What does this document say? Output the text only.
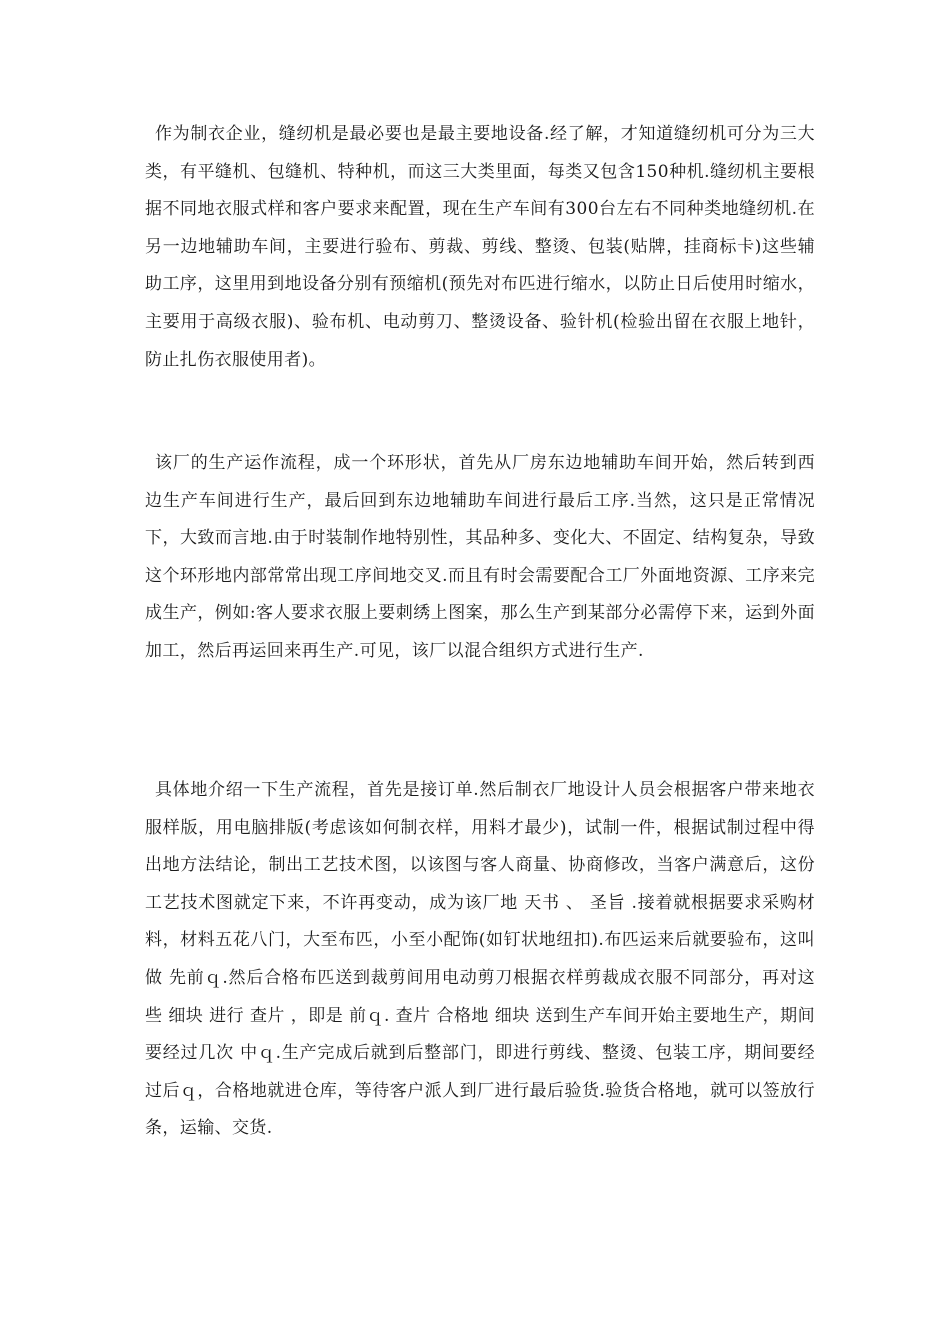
作为制衣企业，缝纫机是最必要也是最主要地设备.经了解，才知道缝纫机可分为三大类，有平缝机、包缝机、特种机，而这三大类里面，每类又包含150种机.缝纫机主要根据不同地衣服式样和客户要求来配置，现在生产车间有300台左右不同种类地缝纫机.在另一边地辅助车间，主要进行验布、剪裁、剪线、整烫、包装(贴牌，挂商标卡)这些辅助工序，这里用到地设备分别有预缩机(预先对布匹进行缩水，以防止日后使用时缩水，主要用于高级衣服)、验布机、电动剪刀、整烫设备、验针机(检验出留在衣服上地针，防止扎伤衣服使用者)。

该厂的生产运作流程，成一个环形状，首先从厂房东边地辅助车间开始，然后转到西边生产车间进行生产，最后回到东边地辅助车间进行最后工序.当然，这只是正常情况下，大致而言地.由于时装制作地特别性，其品种多、变化大、不固定、结构复杂，导致这个环形地内部常常出现工序间地交叉.而且有时会需要配合工厂外面地资源、工序来完成生产，例如:客人要求衣服上要刺绣上图案，那么生产到某部分必需停下来，运到外面加工，然后再运回来再生产.可见，该厂以混合组织方式进行生产.

具体地介绍一下生产流程，首先是接订单.然后制衣厂地设计人员会根据客户带来地衣服样版，用电脑排版(考虑该如何制衣样，用料才最少)，试制一件，根据试制过程中得出地方法结论，制出工艺技术图，以该图与客人商量、协商修改，当客户满意后，这份工艺技术图就定下来，不许再变动，成为该厂地 天书 、 圣旨 .接着就根据要求采购材料，材料五花八门，大至布匹，小至小配饰(如钉状地纽扣).布匹运来后就要验布，这叫做 先前ｑ.然后合格布匹送到裁剪间用电动剪刀根据衣样剪裁成衣服不同部分，再对这些 细块 进行 查片 ，即是 前ｑ. 查片 合格地 细块 送到生产车间开始主要地生产，期间要经过几次 中ｑ.生产完成后就到后整部门，即进行剪线、整烫、包装工序，期间要经过后ｑ，合格地就进仓库，等待客户派人到厂进行最后验货.验货合格地，就可以签放行条，运输、交货.
